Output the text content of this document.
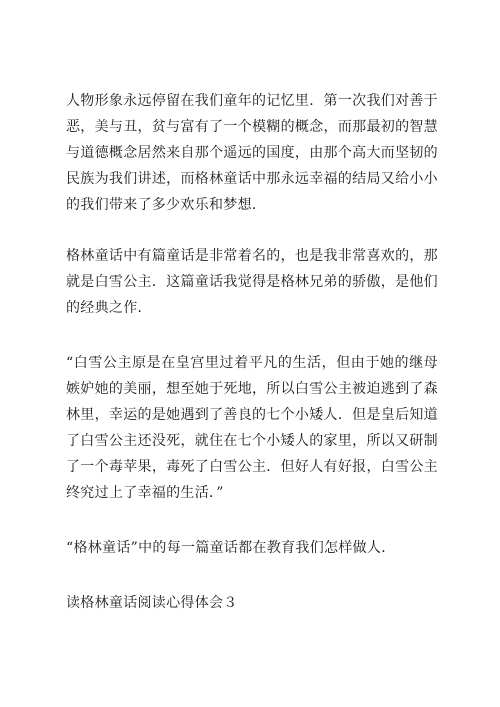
人物形象永远停留在我们童年的记忆里．第一次我们对善于恶，美与丑，贫与富有了一个模糊的概念，而那最初的智慧与道德概念居然来自那个遥远的国度，由那个高大而坚韧的民族为我们讲述，而格林童话中那永远幸福的结局又给小小的我们带来了多少欢乐和梦想．

格林童话中有篇童话是非常着名的，也是我非常喜欢的，那就是白雪公主．这篇童话我觉得是格林兄弟的骄傲，是他们的经典之作．

“白雪公主原是在皇宫里过着平凡的生活，但由于她的继母嫉妒她的美丽，想至她于死地，所以白雪公主被迫逃到了森林里，幸运的是她遇到了善良的七个小矮人．但是皇后知道了白雪公主还没死，就住在七个小矮人的家里，所以又研制了一个毒苹果，毒死了白雪公主．但好人有好报，白雪公主终究过上了幸福的生活．”

“格林童话”中的每一篇童话都在教育我们怎样做人．

读格林童话阅读心得体会３
